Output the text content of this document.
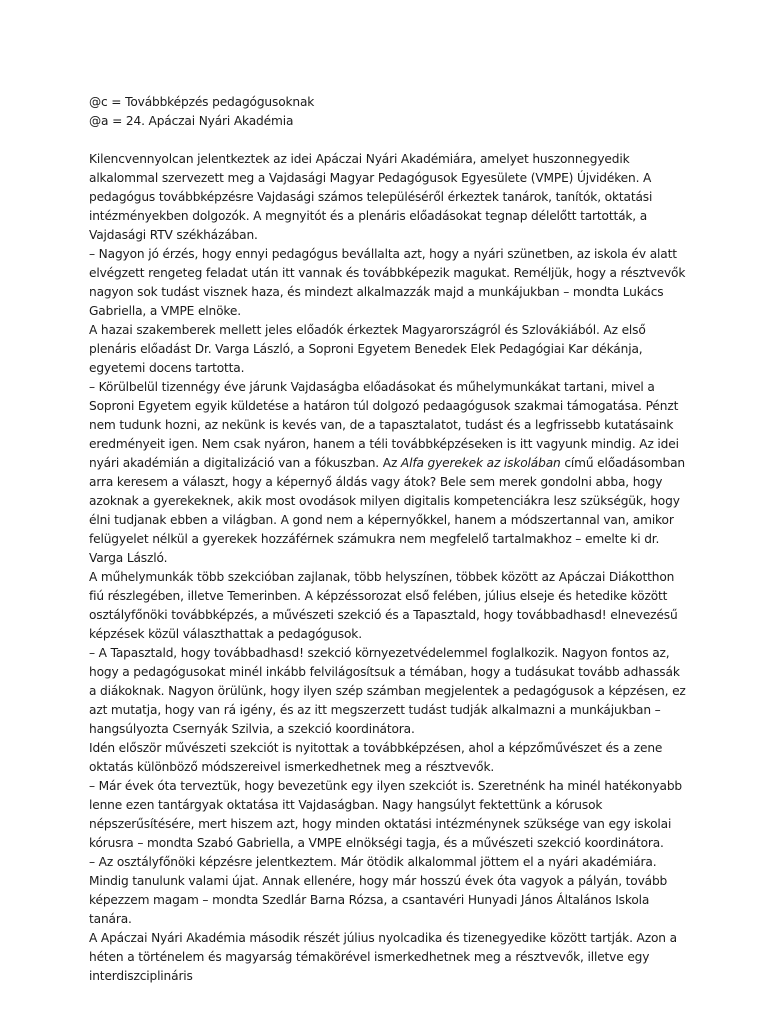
@c = Továbbképzés pedagógusoknak
@a = 24. Apáczai Nyári Akadémia

Kilencvennyolcan jelentkeztek az idei Apáczai Nyári Akadémiára, amelyet huszonnegyedik alkalommal szervezett meg a Vajdasági Magyar Pedagógusok Egyesülete (VMPE) Újvidéken. A pedagógus továbbképzésre Vajdasági számos településéről érkeztek tanárok, tanítók, oktatási intézményekben dolgozók. A megnyitót és a plenáris előadásokat tegnap délelőtt tartották, a Vajdasági RTV székházában.

– Nagyon jó érzés, hogy ennyi pedagógus bevállalta azt, hogy a nyári szünetben, az iskola év alatt elvégzett rengeteg feladat után itt vannak és továbbképezik magukat. Reméljük, hogy a résztvevők nagyon sok tudást visznek haza, és mindezt alkalmazzák majd a munkájukban – mondta Lukács Gabriella, a VMPE elnöke.

A hazai szakemberek mellett jeles előadók érkeztek Magyarországról és Szlovákiából. Az első plenáris előadást Dr. Varga László, a Soproni Egyetem Benedek Elek Pedagógiai Kar dékánja, egyetemi docens tartotta.

– Körülbelül tizennégy éve járunk Vajdaságba előadásokat és műhelymunkákat tartani, mivel a Soproni Egyetem egyik küldetése a határon túl dolgozó pedaagógusok szakmai támogatása. Pénzt nem tudunk hozni, az nekünk is kevés van, de a tapasztalatot, tudást és a legfrissebb kutatásaink eredményeit igen. Nem csak nyáron, hanem a téli továbbképzéseken is itt vagyunk mindig. Az idei nyári akadémián a digitalizáció van a fókuszban. Az Alfa gyerekek az iskolában című előadásomban arra keresem a választ, hogy a képernyő áldás vagy átok? Bele sem merek gondolni abba, hogy azoknak a gyerekeknek, akik most ovodások milyen digitalis kompetenciákra lesz szükségük, hogy élni tudjanak ebben a világban. A gond nem a képernyőkkel, hanem a módszertannal van, amikor felügyelet nélkül a gyerekek hozzáférnek számukra nem megfelelő tartalmakhoz – emelte ki dr. Varga László.

A műhelymunkák több szekcióban zajlanak, több helyszínen, többek között az Apáczai Diákotthon fiú részlegében, illetve Temerinben. A képzéssorozat első felében, július elseje és hetedike között osztályfőnöki továbbképzés, a művészeti szekció és a Tapasztald, hogy továbbadhasd! elnevezésű képzések közül választhattak a pedagógusok.

– A Tapasztald, hogy továbbadhasd! szekció környezetvédelemmel foglalkozik. Nagyon fontos az, hogy a pedagógusokat minél inkább felvilágosítsuk a témában, hogy a tudásukat tovább adhassák a diákoknak. Nagyon örülünk, hogy ilyen szép számban megjelentek a pedagógusok a képzésen, ez azt mutatja, hogy van rá igény, és az itt megszerzett tudást tudják alkalmazni a munkájukban – hangsúlyozta Csernyák Szilvia, a szekció koordinátora.

Idén először művészeti szekciót is nyitottak a továbbképzésen, ahol a képzőművészet és a zene oktatás különböző módszereivel ismerkedhetnek meg a résztvevők.

– Már évek óta terveztük, hogy bevezetünk egy ilyen szekciót is. Szeretnénk ha minél hatékonyabb lenne ezen tantárgyak oktatása itt Vajdaságban. Nagy hangsúlyt fektettünk a kórusok népszerűsítésére, mert hiszem azt, hogy minden oktatási intézménynek szüksége van egy iskolai kórusra – mondta Szabó Gabriella, a VMPE elnökségi tagja, és a művészeti szekció koordinátora.

– Az osztályfőnöki képzésre jelentkeztem. Már ötödik alkalommal jöttem el a nyári akadémiára. Mindig tanulunk valami újat. Annak ellenére, hogy már hosszú évek óta vagyok a pályán, tovább képezzem magam – mondta Szedlár Barna Rózsa, a csantavéri Hunyadi János Általános Iskola tanára.

A Apáczai Nyári Akadémia második részét július nyolcadika és tizenegyedike között tartják. Azon a héten a történelem és magyarság témakörével ismerkedhetnek meg a résztvevők, illetve egy interdiszciplináris
